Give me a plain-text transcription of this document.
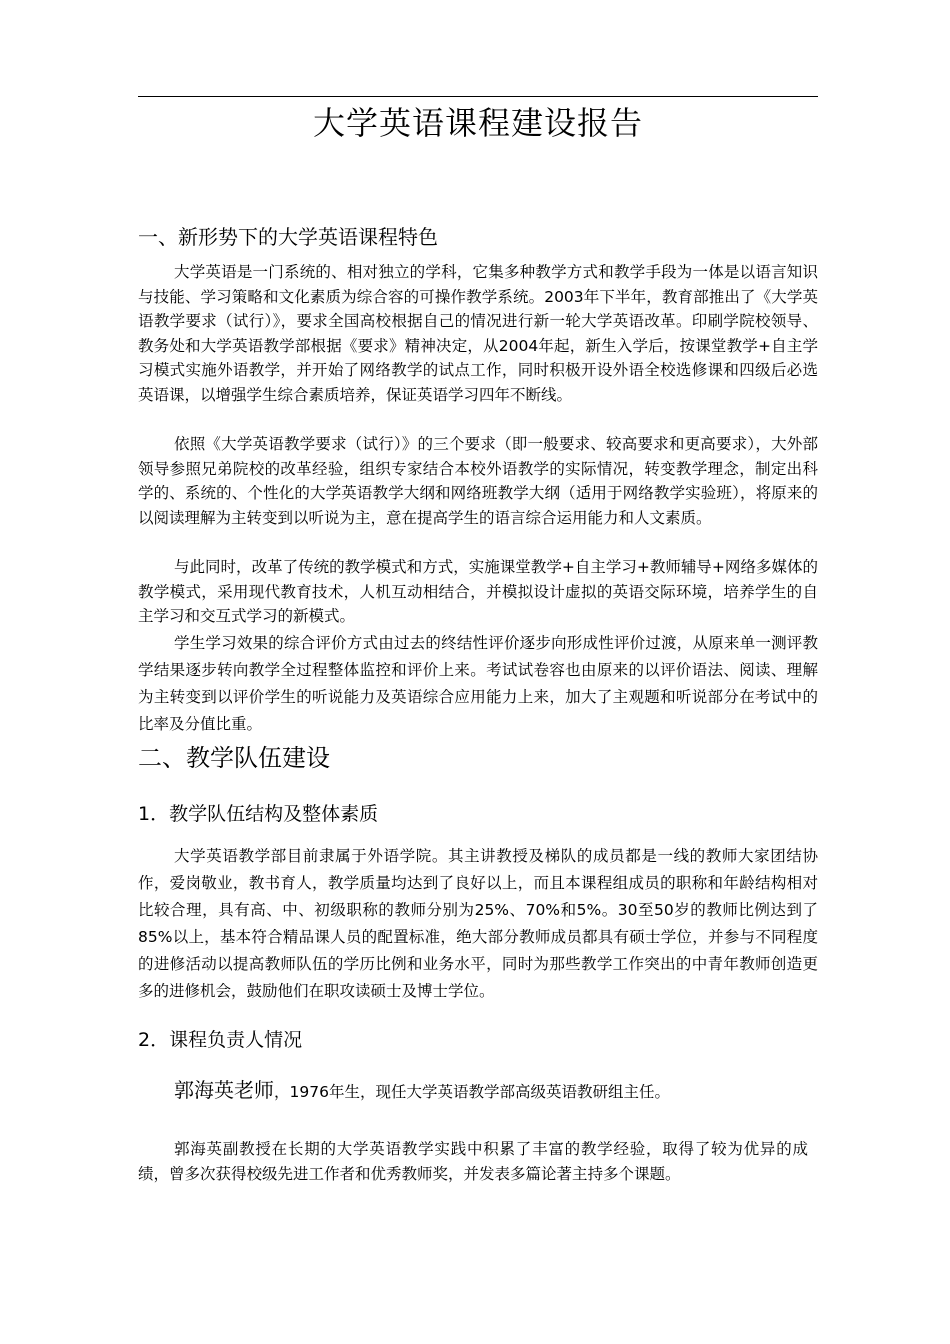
大学英语课程建设报告
一、新形势下的大学英语课程特色

大学英语是一门系统的、相对独立的学科，它集多种教学方式和教学手段为一体是以语言知识与技能、学习策略和文化素质为综合容的可操作教学系统。2003年下半年，教育部推出了《大学英语教学要求（试行）》，要求全国高校根据自己的情况进行新一轮大学英语改革。印刷学院校领导、教务处和大学英语教学部根据《要求》精神决定，从2004年起，新生入学后，按课堂教学+自主学习模式实施外语教学，并开始了网络教学的试点工作，同时积极开设外语全校选修课和四级后必选英语课，以增强学生综合素质培养，保证英语学习四年不断线。

依照《大学英语教学要求（试行）》的三个要求（即一般要求、较高要求和更高要求），大外部领导参照兄弟院校的改革经验，组织专家结合本校外语教学的实际情况，转变教学理念，制定出科学的、系统的、个性化的大学英语教学大纲和网络班教学大纲（适用于网络教学实验班），将原来的以阅读理解为主转变到以听说为主，意在提高学生的语言综合运用能力和人文素质。

与此同时，改革了传统的教学模式和方式，实施课堂教学+自主学习+教师辅导+网络多媒体的教学模式，采用现代教育技术，人机互动相结合，并模拟设计虚拟的英语交际环境，培养学生的自主学习和交互式学习的新模式。

学生学习效果的综合评价方式由过去的终结性评价逐步向形成性评价过渡，从原来单一测评教学结果逐步转向教学全过程整体监控和评价上来。考试试卷容也由原来的以评价语法、阅读、理解为主转变到以评价学生的听说能力及英语综合应用能力上来，加大了主观题和听说部分在考试中的比率及分值比重。

二、教学队伍建设
1．教学队伍结构及整体素质

大学英语教学部目前隶属于外语学院。其主讲教授及梯队的成员都是一线的教师大家团结协作，爱岗敬业，教书育人，教学质量均达到了良好以上，而且本课程组成员的职称和年龄结构相对比较合理，具有高、中、初级职称的教师分别为25%、70%和5%。30至50岁的教师比例达到了85%以上，基本符合精品课人员的配置标准，绝大部分教师成员都具有硕士学位，并参与不同程度的进修活动以提高教师队伍的学历比例和业务水平，同时为那些教学工作突出的中青年教师创造更多的进修机会，鼓励他们在职攻读硕士及博士学位。

2．课程负责人情况

郭海英老师，1976年生，现任大学英语教学部高级英语教研组主任。

郭海英副教授在长期的大学英语教学实践中积累了丰富的教学经验，取得了较为优异的成绩，曾多次获得校级先进工作者和优秀教师奖，并发表多篇论著主持多个课题。
